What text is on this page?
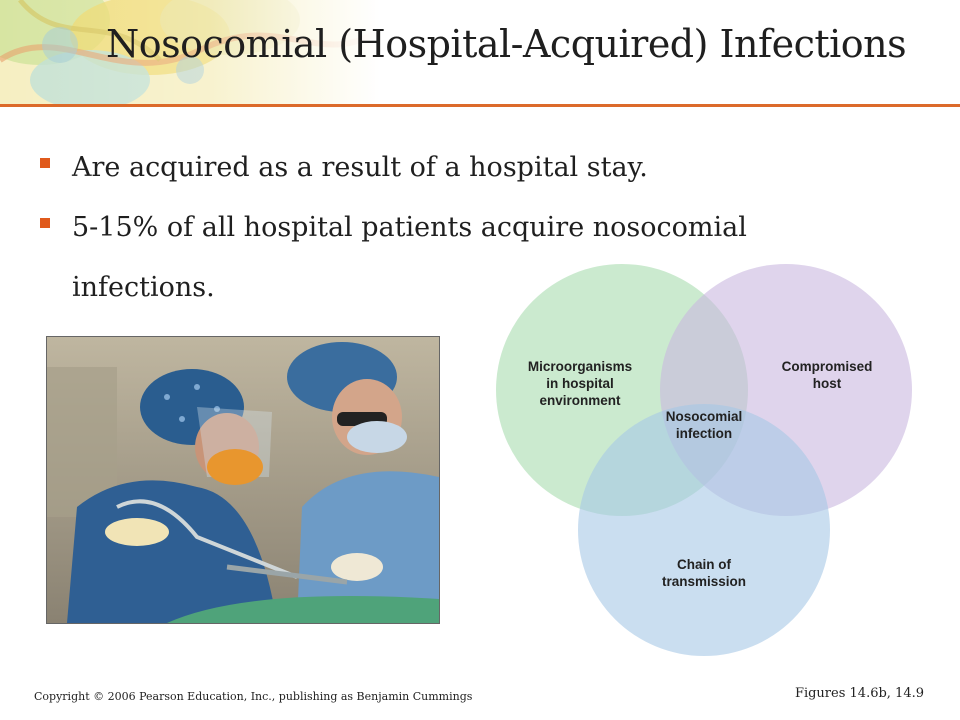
Nosocomial (Hospital-Acquired) Infections
Are acquired as a result of a hospital stay.
5-15% of all hospital patients acquire nosocomial infections.
Microorganisms
in hospital
environment
Compromised
host
Nosocomial
infection
Chain of
transmission
Copyright © 2006 Pearson Education, Inc., publishing as Benjamin Cummings	Figures 14.6b, 14.9
